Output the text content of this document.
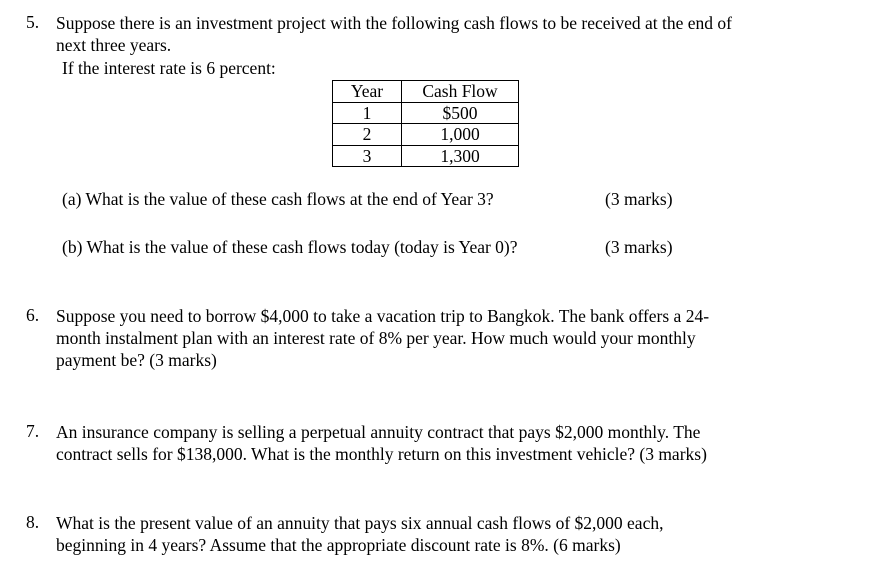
5. Suppose there is an investment project with the following cash flows to be received at the end of
next three years.
If the interest rate is 6 percent:
Year	Cash Flow
1	$500
2	1,000
3	1,300
(a) What is the value of these cash flows at the end of Year 3?	(3 marks)
(b) What is the value of these cash flows today (today is Year 0)?	(3 marks)
6. Suppose you need to borrow $4,000 to take a vacation trip to Bangkok. The bank offers a 24-
month instalment plan with an interest rate of 8% per year. How much would your monthly
payment be? (3 marks)
7. An insurance company is selling a perpetual annuity contract that pays $2,000 monthly. The
contract sells for $138,000. What is the monthly return on this investment vehicle? (3 marks)
8. What is the present value of an annuity that pays six annual cash flows of $2,000 each,
beginning in 4 years? Assume that the appropriate discount rate is 8%. (6 marks)
